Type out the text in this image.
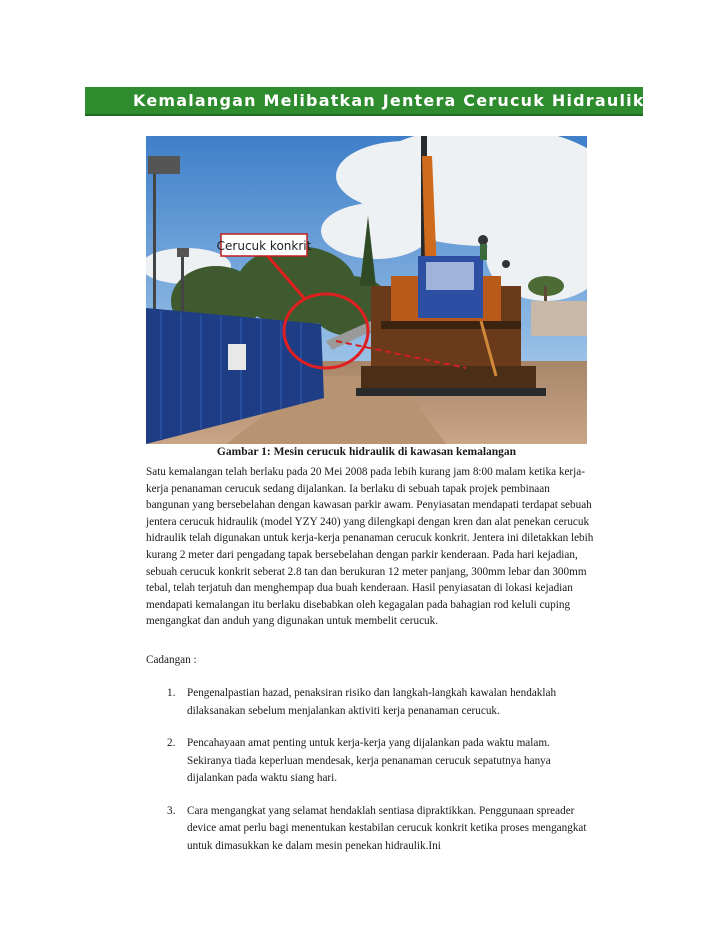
Kemalangan Melibatkan Jentera Cerucuk Hidraulik
Cerucuk konkrit
Gambar 1: Mesin cerucuk hidraulik di kawasan kemalangan

Satu kemalangan telah berlaku pada 20 Mei 2008 pada lebih kurang jam 8:00 malam ketika kerja-kerja penanaman cerucuk sedang dijalankan. Ia berlaku di sebuah tapak projek pembinaan bangunan yang bersebelahan dengan kawasan parkir awam. Penyiasatan mendapati terdapat sebuah jentera cerucuk hidraulik (model YZY 240) yang dilengkapi dengan kren dan alat penekan cerucuk hidraulik telah digunakan untuk kerja-kerja penanaman cerucuk konkrit. Jentera ini diletakkan lebih kurang 2 meter dari pengadang tapak bersebelahan dengan parkir kenderaan. Pada hari kejadian, sebuah cerucuk konkrit seberat 2.8 tan dan berukuran 12 meter panjang, 300mm lebar dan 300mm tebal, telah terjatuh dan menghempap dua buah kenderaan. Hasil penyiasatan di lokasi kejadian mendapati kemalangan itu berlaku disebabkan oleh kegagalan pada bahagian rod keluli cuping mengangkat dan anduh yang digunakan untuk membelit cerucuk.

Cadangan :
1. Pengenalpastian hazad, penaksiran risiko dan langkah-langkah kawalan hendaklah dilaksanakan sebelum menjalankan aktiviti kerja penanaman cerucuk.
2. Pencahayaan amat penting untuk kerja-kerja yang dijalankan pada waktu malam. Sekiranya tiada keperluan mendesak, kerja penanaman cerucuk sepatutnya hanya dijalankan pada waktu siang hari.
3. Cara mengangkat yang selamat hendaklah sentiasa dipraktikkan. Penggunaan spreader device amat perlu bagi menentukan kestabilan cerucuk konkrit ketika proses mengangkat untuk dimasukkan ke dalam mesin penekan hidraulik.Ini
